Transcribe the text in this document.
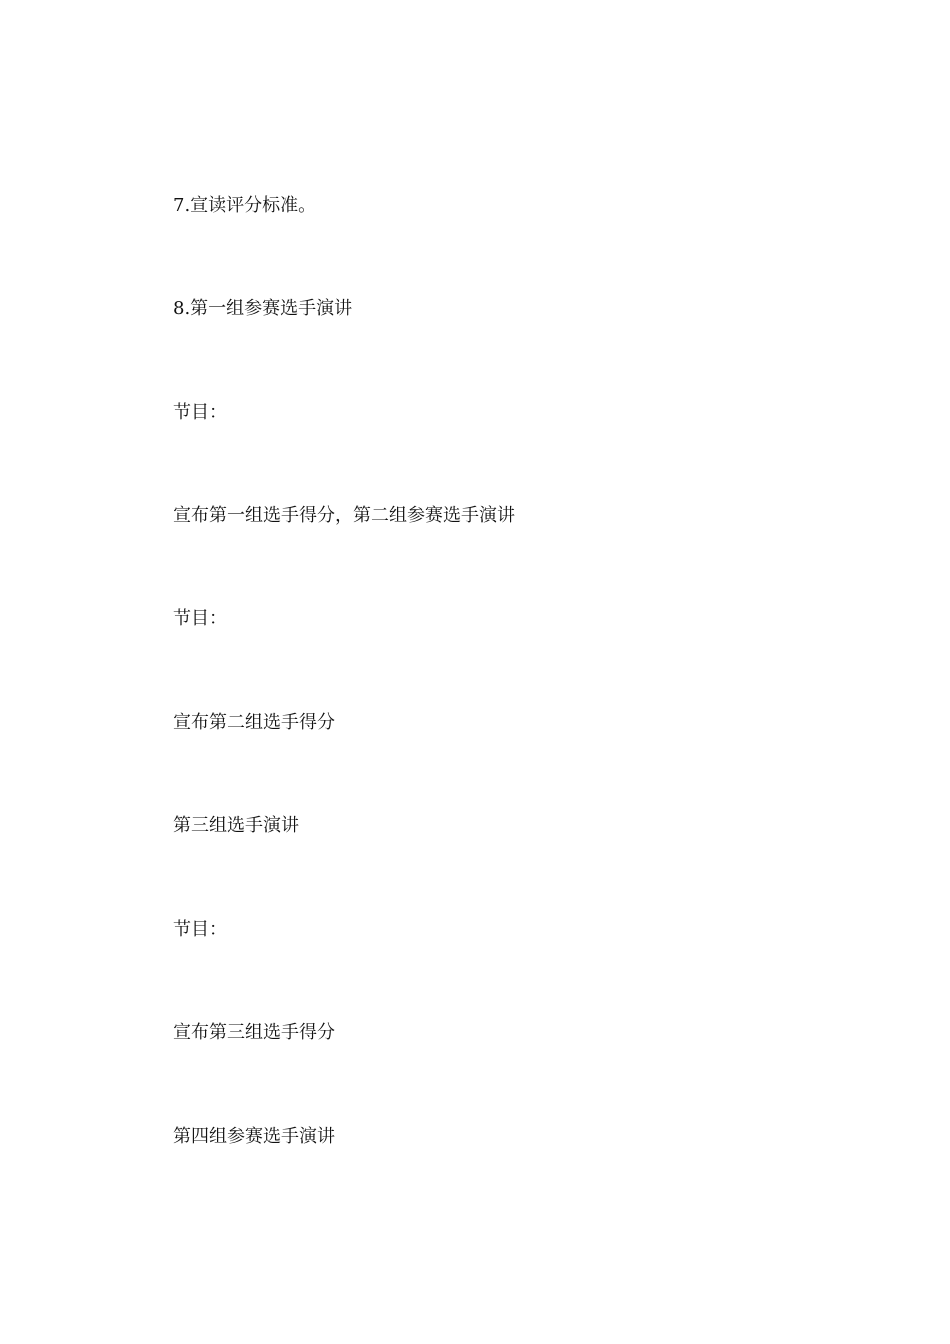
7.宣读评分标准。
8.第一组参赛选手演讲
节目：
宣布第一组选手得分，第二组参赛选手演讲
节目：
宣布第二组选手得分
第三组选手演讲
节目：
宣布第三组选手得分
第四组参赛选手演讲
